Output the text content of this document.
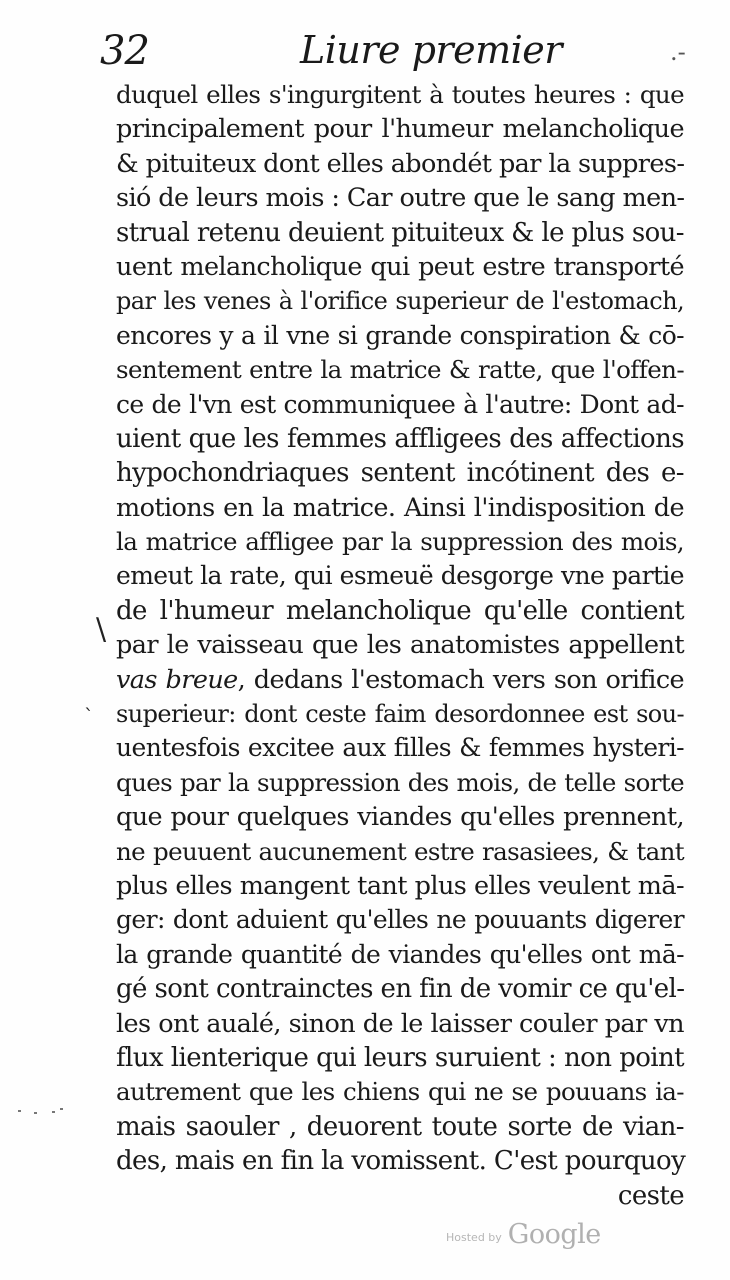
32	Liure premier	.-
duquel elles s'ingurgitent à toutes heures : que
principalement pour l'humeur melancholique
& pituiteux dont elles abondét par la suppres-
sió de leurs mois : Car outre que le sang men-
strual retenu deuient pituiteux & le plus sou-
uent melancholique qui peut estre transporté
par les venes à l'orifice superieur de l'estomach,
encores y a il vne si grande conspiration & cō-
sentement entre la matrice & ratte, que l'offen-
ce de l'vn est communiquee à l'autre: Dont ad-
uient que les femmes affligees des affections
hypochondriaques sentent incótinent des e-
motions en la matrice. Ainsi l'indisposition de
la matrice affligee par la suppression des mois,
emeut la rate, qui esmeuë desgorge vne partie
de l'humeur melancholique qu'elle contient
par le vaisseau que les anatomistes appellent
vas breue, dedans l'estomach vers son orifice
superieur: dont ceste faim desordonnee est sou-
uentesfois excitee aux filles & femmes hysteri-
ques par la suppression des mois, de telle sorte
que pour quelques viandes qu'elles prennent,
ne peuuent aucunement estre rasasiees, & tant
plus elles mangent tant plus elles veulent mā-
ger: dont aduient qu'elles ne pouuants digerer
la grande quantité de viandes qu'elles ont mā-
gé sont contrainctes en fin de vomir ce qu'el-
les ont aualé, sinon de le laisser couler par vn
flux lienterique qui leurs suruient : non point
autrement que les chiens qui ne se pouuans ia-
mais saouler , deuorent toute sorte de vian-
des, mais en fin la vomissent. C'est pourquoy
ceste
\
ˋ
Hosted by Google
